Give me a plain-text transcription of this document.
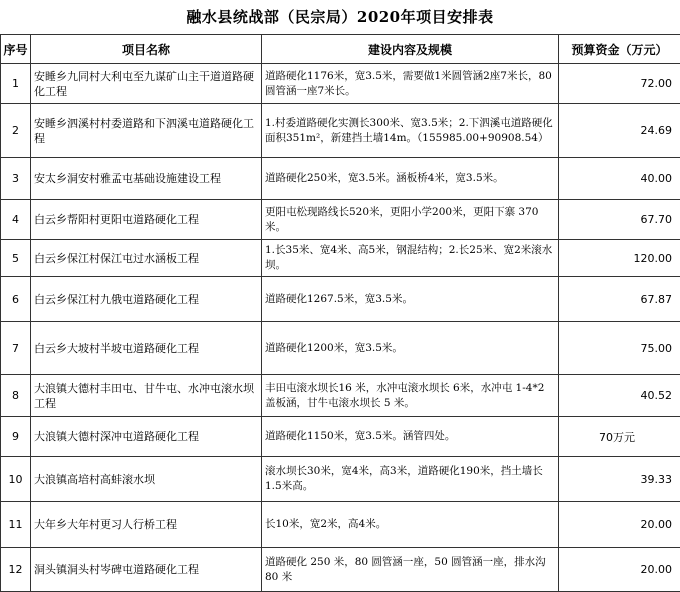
融水县统战部（民宗局）2020年项目安排表
序号	项目名称	建设内容及规模	预算资金（万元）
1	安睡乡九同村大利屯至九谋矿山主干道道路硬化工程	道路硬化1176米，宽3.5米，需要做1米圆管涵2座7米长，80圆管涵一座7米长。	72.00
2	安睡乡泗溪村村委道路和下泗溪屯道路硬化工程	1.村委道路硬化实测长300米、宽3.5米；2.下泗溪屯道路硬化面积351m²，新建挡土墙14m。（155985.00+90908.54）	24.69
3	安太乡洞安村雅孟屯基础设施建设工程	道路硬化250米，宽3.5米。涵板桥4米，宽3.5米。	40.00
4	白云乡帮阳村更阳屯道路硬化工程	更阳屯松现路线长520米，更阳小学200米，更阳下寨 370米。	67.70
5	白云乡保江村保江屯过水涵板工程	1.长35米、宽4米、高5米，钢混结构；2.长25米、宽2米滚水坝。	120.00
6	白云乡保江村九俄屯道路硬化工程	道路硬化1267.5米，宽3.5米。	67.87
7	白云乡大坡村半坡屯道路硬化工程	道路硬化1200米，宽3.5米。	75.00
8	大浪镇大德村丰田屯、甘牛屯、水冲屯滚水坝工程	丰田屯滚水坝长16 米，水冲屯滚水坝长 6米，水冲屯 1-4*2 盖板涵，甘牛屯滚水坝长 5 米。	40.52
9	大浪镇大德村深冲屯道路硬化工程	道路硬化1150米，宽3.5米。涵管四处。	70万元
10	大浪镇高培村高蚌滚水坝	滚水坝长30米，宽4米，高3米，道路硬化190米，挡土墙长1.5米高。	39.33
11	大年乡大年村更习人行桥工程	长10米，宽2米，高4米。	20.00
12	洞头镇洞头村岑碑屯道路硬化工程	道路硬化 250 米，80 圆管涵一座，50 圆管涵一座，排水沟 80 米	20.00
